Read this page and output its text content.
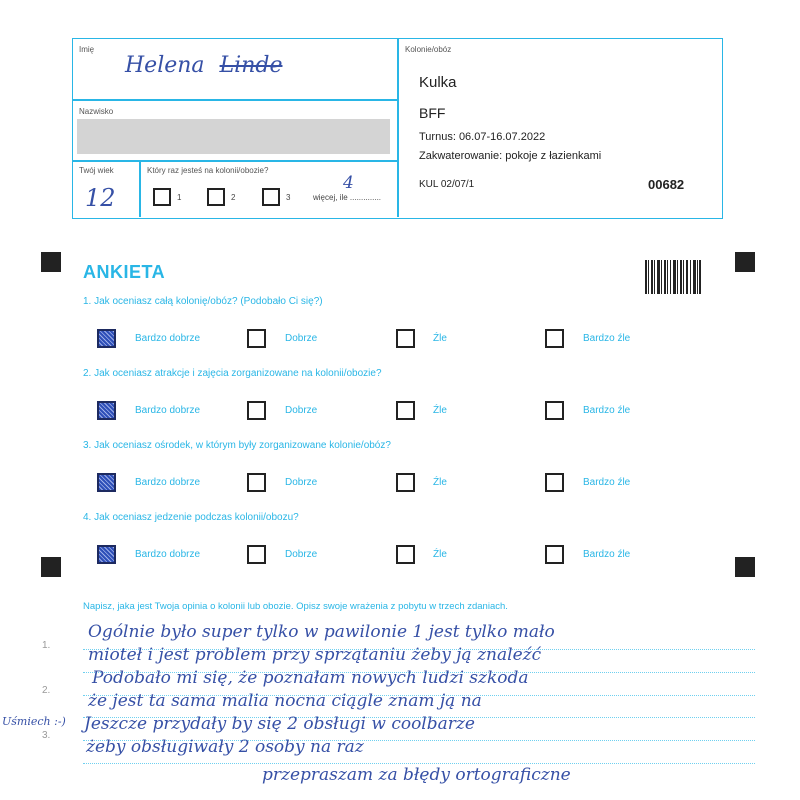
Imię
Helena Linde
Nazwisko
Twój wiek
12
Który raz jesteś na kolonii/obozie?
1	2	3	więcej, ile ..............
4
Kolonie/obóz
Kulka
BFF
Turnus: 06.07-16.07.2022
Zakwaterowanie: pokoje z łazienkami
KUL 02/07/1	00682
ANKIETA
1. Jak oceniasz całą kolonię/obóz? (Podobało Ci się?)
Bardzo dobrze	Dobrze	Źle	Bardzo źle
2. Jak oceniasz atrakcje i zajęcia zorganizowane na kolonii/obozie?
Bardzo dobrze	Dobrze	Źle	Bardzo źle
3. Jak oceniasz ośrodek, w którym były zorganizowane kolonie/obóz?
Bardzo dobrze	Dobrze	Źle	Bardzo źle
4. Jak oceniasz jedzenie podczas kolonii/obozu?
Bardzo dobrze	Dobrze	Źle	Bardzo źle
Napisz, jaka jest Twoja opinia o kolonii lub obozie. Opisz swoje wrażenia z pobytu w trzech zdaniach.
1.
2.
3.
Uśmiech :-)
Ogólnie było super tylko w pawilonie 1 jest tylko mało
mioteł i jest problem przy sprzątaniu żeby ją znaleźć
Podobało mi się, że poznałam nowych ludzi szkoda
że jest ta sama malia nocna ciągle znam ją na
Jeszcze przydały by się 2 obsługi w coolbarze
żeby obsługiwały 2 osoby na raz
przepraszam za błędy ortograficzne
